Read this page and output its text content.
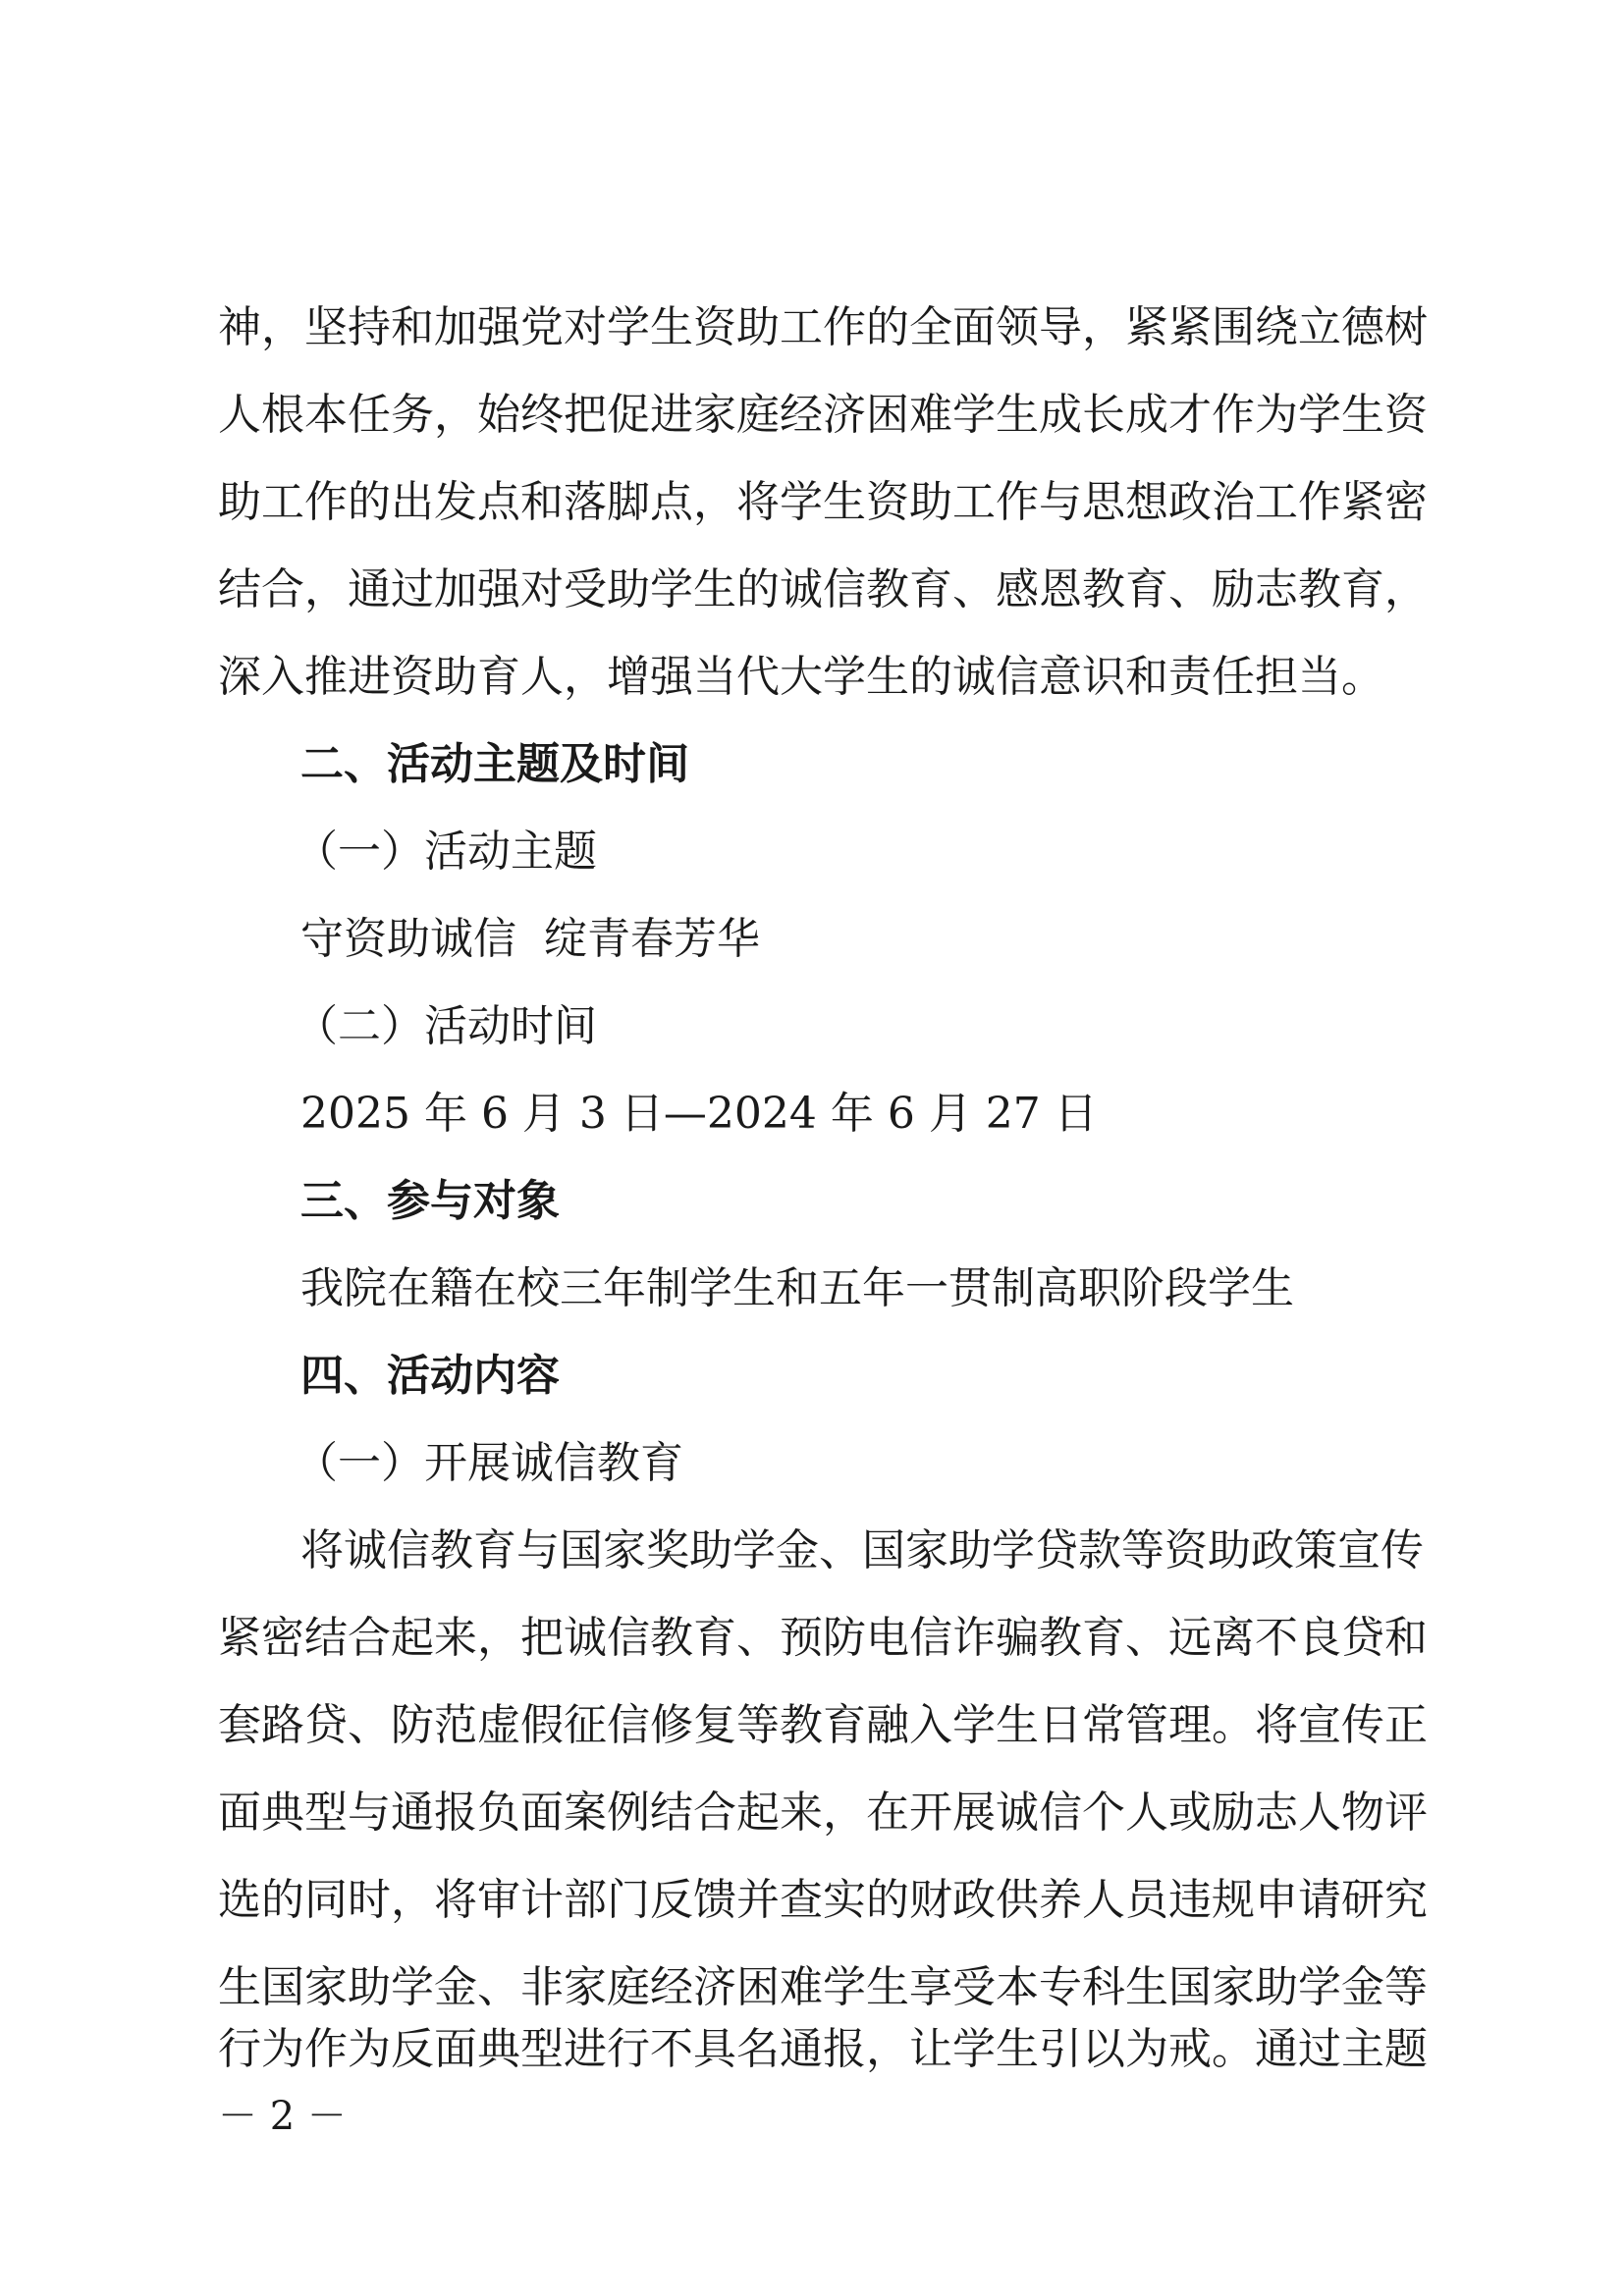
神，坚持和加强党对学生资助工作的全面领导，紧紧围绕立德树

人根本任务，始终把促进家庭经济困难学生成长成才作为学生资

助工作的出发点和落脚点，将学生资助工作与思想政治工作紧密

结合，通过加强对受助学生的诚信教育、感恩教育、励志教育，

深入推进资助育人，增强当代大学生的诚信意识和责任担当。

二、活动主题及时间

（一）活动主题

守资助诚信  绽青春芳华

（二）活动时间

2025 年 6 月 3 日—2024 年 6 月 27 日

三、参与对象

我院在籍在校三年制学生和五年一贯制高职阶段学生

四、活动内容

（一）开展诚信教育

将诚信教育与国家奖助学金、国家助学贷款等资助政策宣传

紧密结合起来，把诚信教育、预防电信诈骗教育、远离不良贷和

套路贷、防范虚假征信修复等教育融入学生日常管理。将宣传正

面典型与通报负面案例结合起来，在开展诚信个人或励志人物评

选的同时，将审计部门反馈并查实的财政供养人员违规申请研究

生国家助学金、非家庭经济困难学生享受本专科生国家助学金等

行为作为反面典型进行不具名通报，让学生引以为戒。通过主题

－ 2 －
